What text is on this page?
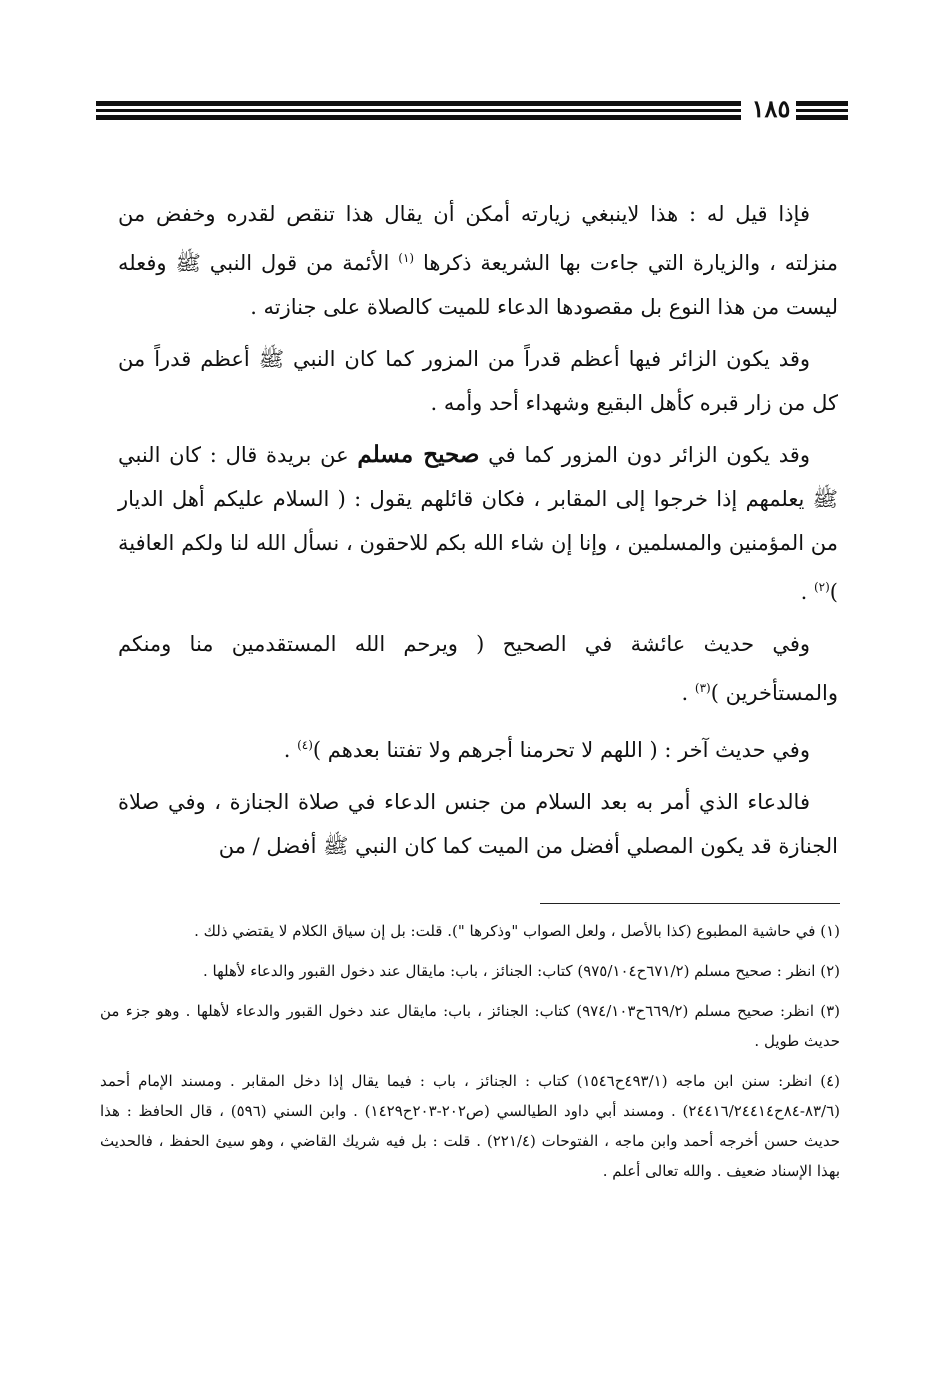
١٨٥

فإذا قيل له : هذا لاينبغي زيارته أمكن أن يقال هذا تنقص لقدره وخفض من منزلته ، والزيارة التي جاءت بها الشريعة ذكرها $^{(١)}$ الأئمة من قول النبي ﷺ وفعله ليست من هذا النوع بل مقصودها الدعاء للميت كالصلاة على جنازته .

وقد يكون الزائر فيها أعظم قدراً من المزور كما كان النبي ﷺ أعظم قدراً من كل من زار قبره كأهل البقيع وشهداء أحد وأمه .

وقد يكون الزائر دون المزور كما في صحيح مسلم عن بريدة قال : كان النبي ﷺ يعلمهم إذا خرجوا إلى المقابر ، فكان قائلهم يقول : ( السلام عليكم أهل الديار من المؤمنين والمسلمين ، وإنا إن شاء الله بكم للاحقون ، نسأل الله لنا ولكم العافية )$^{(٢)}$ .

وفي حديث عائشة في الصحيح ( ويرحم الله المستقدمين منا ومنكم والمستأخرين )$^{(٣)}$ .

وفي حديث آخر : ( اللهم لا تحرمنا أجرهم ولا تفتنا بعدهم )$^{(٤)}$ .

فالدعاء الذي أمر به بعد السلام من جنس الدعاء في صلاة الجنازة ، وفي صلاة الجنازة قد يكون المصلي أفضل من الميت كما كان النبي ﷺ أفضل / من

(١) في حاشية المطبوع (كذا بالأصل ، ولعل الصواب "وذكرها "). قلت: بل إن سياق الكلام لا يقتضي ذلك .

(٢) انظر : صحيح مسلم (٦٧١/٢ح٩٧٥/١٠٤) كتاب: الجنائز ، باب: مايقال عند دخول القبور والدعاء لأهلها .

(٣) انظر: صحيح مسلم (٦٦٩/٢ح٩٧٤/١٠٣) كتاب: الجنائز ، باب: مايقال عند دخول القبور والدعاء لأهلها . وهو جزء من حديث طويل .

(٤) انظر: سنن ابن ماجه (٤٩٣/١ح١٥٤٦) كتاب : الجنائز ، باب : فيما يقال إذا دخل المقابر . ومسند الإمام أحمد (٨٣/٦-٨٤ح٢٤٤١٦/٢٤٤١٤) . ومسند أبي داود الطيالسي (ص٢٠٢-٢٠٣ح١٤٢٩) . وابن السني (٥٩٦) ، قال الحافظ : هذا حديث حسن أخرجه أحمد وابن ماجه ، الفتوحات (٢٢١/٤) . قلت : بل فيه شريك القاضي ، وهو سيئ الحفظ ، فالحديث بهذا الإسناد ضعيف . والله تعالى أعلم .
